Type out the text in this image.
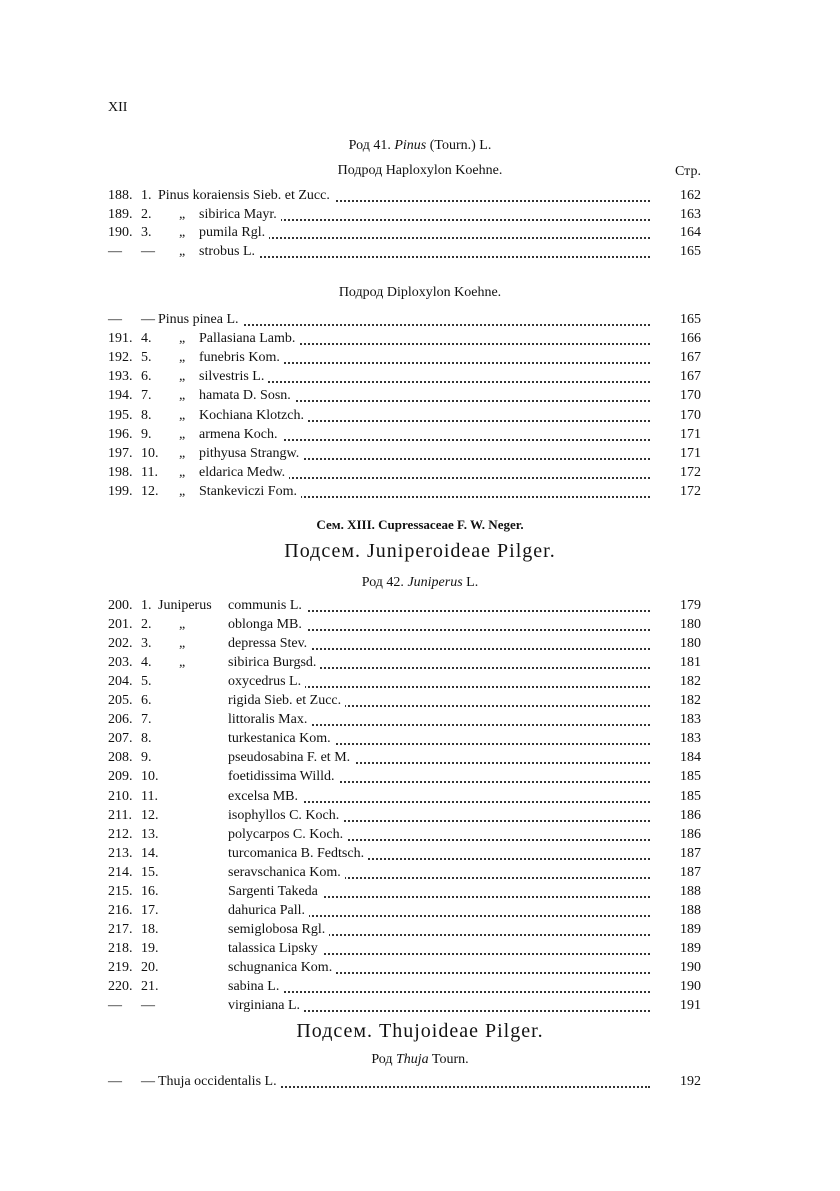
XII
Род 41. Pinus (Tourn.) L.
Подрод Haploxylon Koehne.	Стр.
188. 1. Pinus koraiensis Sieb. et Zucc.	162
189. 2. „ sibirica Mayr.	163
190. 3. „ pumila Rgl.	164
— — „ strobus L.	165
Подрод Diploxylon Koehne.
— — Pinus pinea L.	165
191. 4. „ Pallasiana Lamb.	166
192. 5. „ funebris Kom.	167
193. 6. „ silvestris L.	167
194. 7. „ hamata D. Sosn.	170
195. 8. „ Kochiana Klotzch.	170
196. 9. „ armena Koch.	171
197. 10. „ pithyusa Strangw.	171
198. 11. „ eldarica Medw.	172
199. 12. „ Stankeviczi Fom.	172
Сем. XIII. Cupressaceae F. W. Neger.
Подсем. Juniperoideae Pilger.
Род 42. Juniperus L.
200. 1. Juniperus communis L.	179
201. 2. „	oblonga MB.	180
202. 3. „	depressa Stev.	180
203. 4. „	sibirica Burgsd.	181
204. 5.	oxycedrus L.	182
205. 6.	rigida Sieb. et Zucc.	182
206. 7.	littoralis Max.	183
207. 8.	turkestanica Kom.	183
208. 9.	pseudosabina F. et M.	184
209. 10.	foetidissima Willd.	185
210. 11.	excelsa MB.	185
211. 12.	isophyllos C. Koch.	186
212. 13.	polycarpos C. Koch.	186
213. 14.	turcomanica B. Fedtsch.	187
214. 15.	seravschanica Kom.	187
215. 16.	Sargenti Takeda	188
216. 17.	dahurica Pall.	188
217. 18.	semiglobosa Rgl.	189
218. 19.	talassica Lipsky	189
219. 20.	schugnanica Kom.	190
220. 21.	sabina L.	190
— —	virginiana L.	191
Подсем. Thujoideae Pilger.
Род Thuja Tourn.
— — Thuja occidentalis L.	192
